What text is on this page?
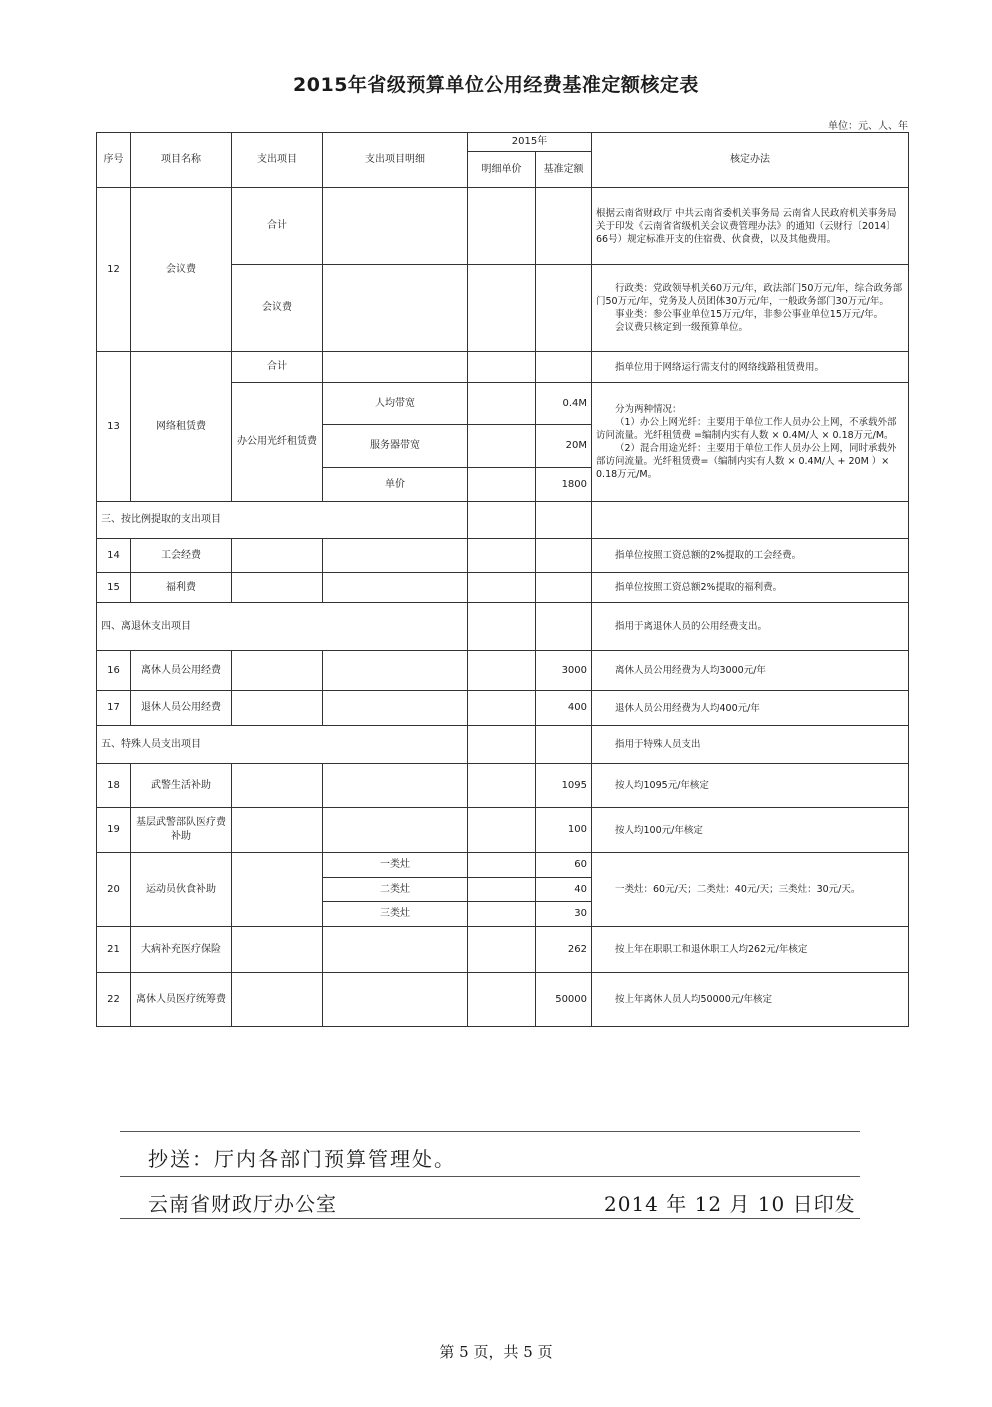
2015年省级预算单位公用经费基准定额核定表
单位：元、人、年
序号	项目名称	支出项目	支出项目明细	2015年		核定办法
				明细单价	基准定额	
12	会议费	合计				根据云南省财政厅 中共云南省委机关事务局 云南省人民政府机关事务局关于印发《云南省省级机关会议费管理办法》的通知（云财行〔2014〕66号）规定标准开支的住宿费、伙食费，以及其他费用。
		会议费				行政类：党政领导机关60万元/年，政法部门50万元/年，综合政务部门50万元/年，党务及人员团体30万元/年，一般政务部门30万元/年。
事业类：参公事业单位15万元/年，非参公事业单位15万元/年。
会议费只核定到一级预算单位。

13	网络租赁费	合计				指单位用于网络运行需支付的网络线路租赁费用。

		办公用光纤租赁费	人均带宽		0.4M	分为两种情况：
（1）办公上网光纤：主要用于单位工作人员办公上网，不承载外部访问流量。光纤租赁费 =编制内实有人数 × 0.4M/人 × 0.18万元/M。
（2）混合用途光纤：主要用于单位工作人员办公上网，同时承载外部访问流量。光纤租赁费=（编制内实有人数 × 0.4M/人 + 20M ）× 0.18万元/M。

			服务器带宽		20M	
			单价		1800	
三、按比例提取的支出项目						
14	工会经费					指单位按照工资总额的2%提取的工会经费。

15	福利费					指单位按照工资总额2%提取的福利费。

四、离退休支出项目						指用于离退休人员的公用经费支出。

16	离休人员公用经费				3000	离休人员公用经费为人均3000元/年

17	退休人员公用经费				400	退休人员公用经费为人均400元/年

五、特殊人员支出项目						指用于特殊人员支出

18	武警生活补助				1095	按人均1095元/年核定

19	基层武警部队医疗费补助				100	按人均100元/年核定

20	运动员伙食补助		一类灶		60	一类灶：60元/天；二类灶：40元/天；三类灶：30元/天。

			二类灶		40	
			三类灶		30	
21	大病补充医疗保险				262	按上年在职职工和退休职工人均262元/年核定

22	离休人员医疗统筹费				50000	按上年离休人员人均50000元/年核定
抄送：厅内各部门预算管理处。
云南省财政厅办公室	2014 年 12 月 10 日印发
第 5 页，共 5 页
